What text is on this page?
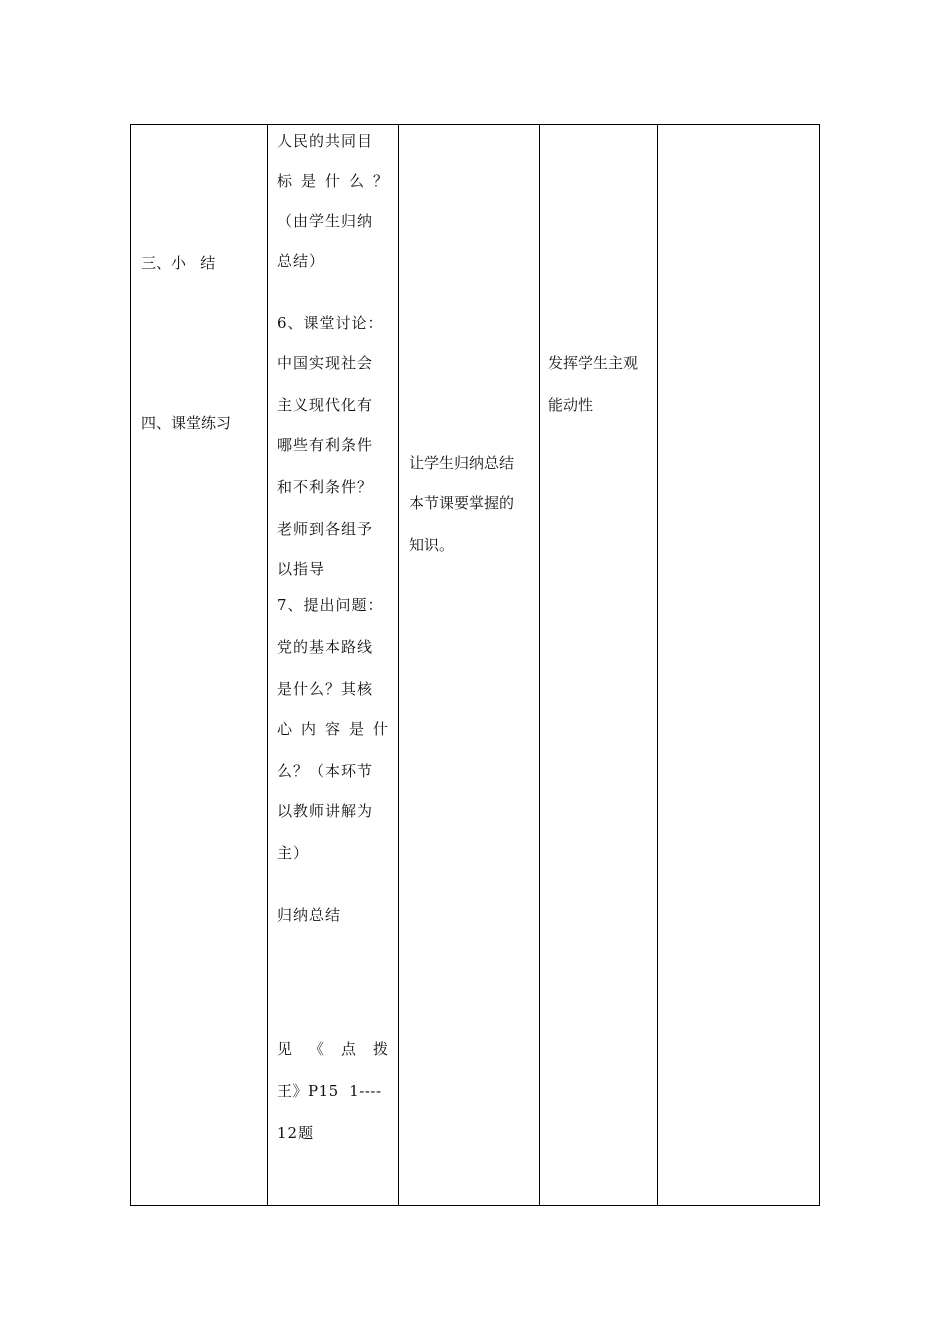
三、小   结
四、课堂练习
人民的共同目
标 是 什 么 ？
（由学生归纳
总结）
6、课堂讨论：
中国实现社会
主义现代化有
哪些有利条件
和不利条件？
老师到各组予
以指导
7、提出问题：
党的基本路线
是什么？其核
心 内 容 是 什
么？（本环节
以教师讲解为
主）
归纳总结
见 《 点 拨
王》P15  1----
12题
让学生归纳总结
本节课要掌握的
知识。
发挥学生主观
能动性
